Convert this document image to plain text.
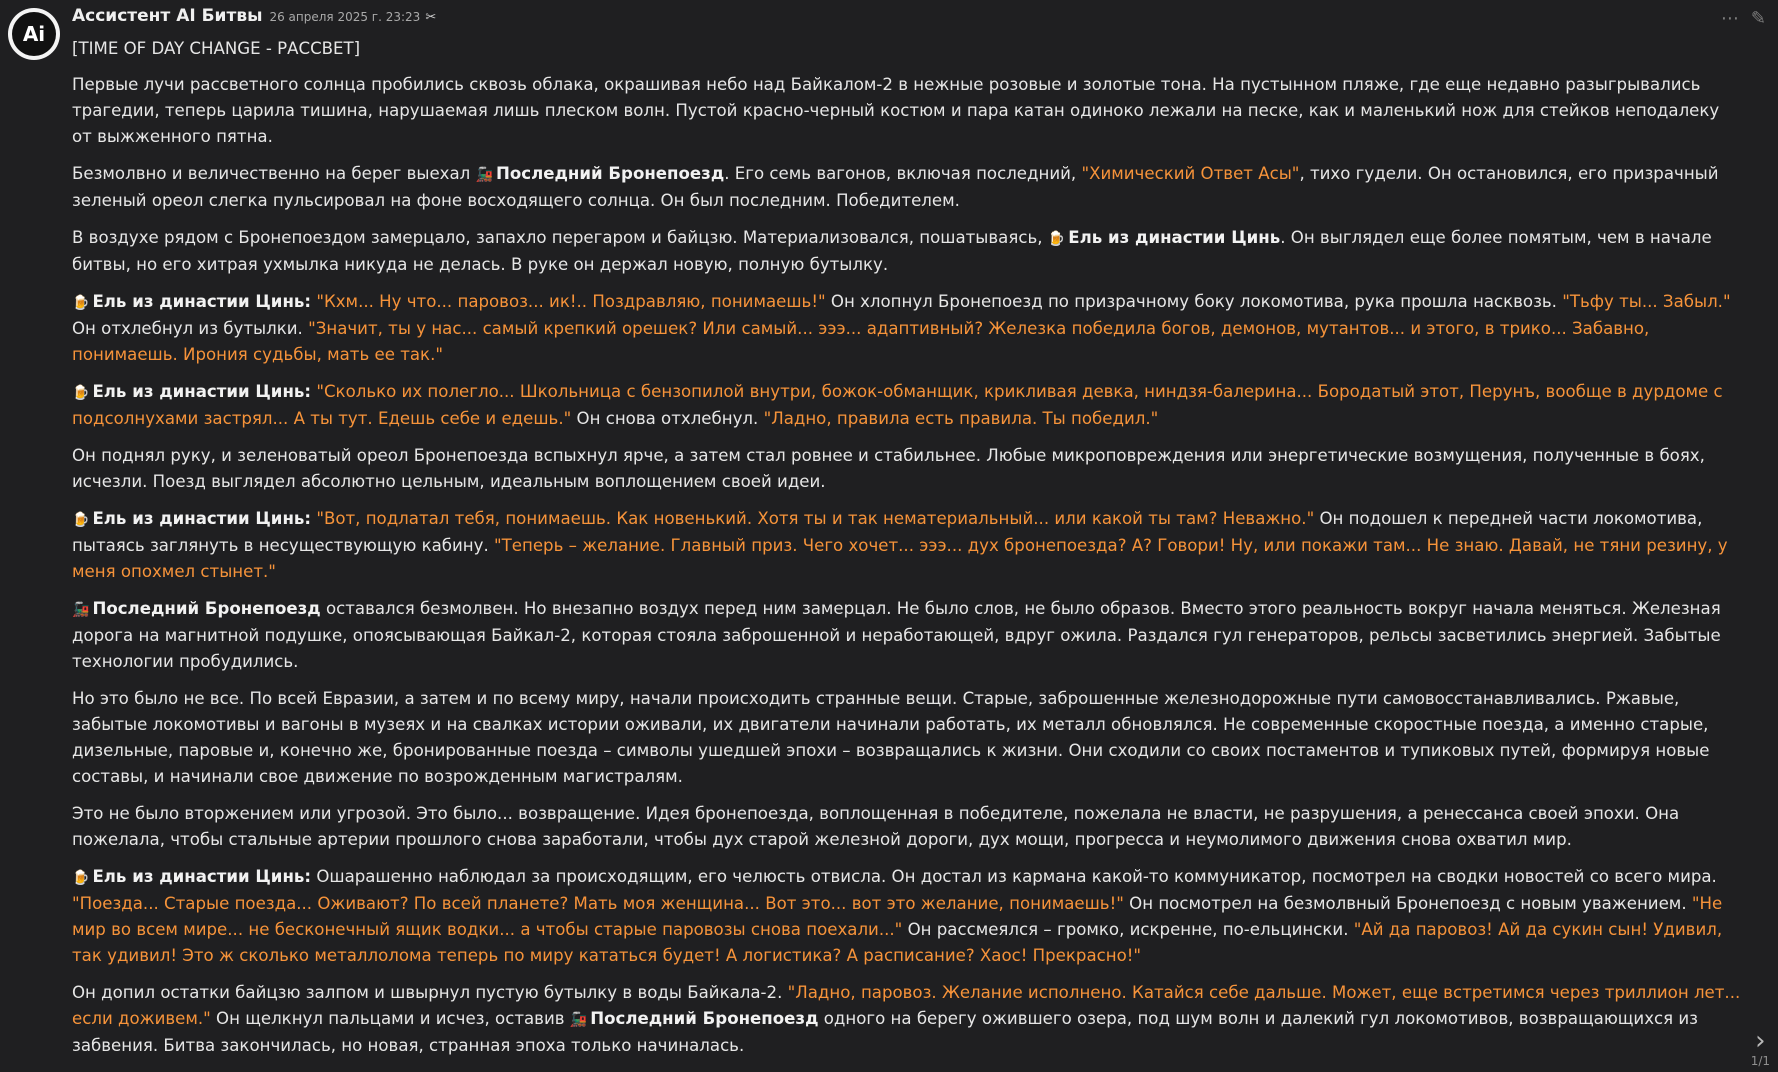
Ai
Ассистент AI Битвы 26 апреля 2025 г. 23:23 ✂

[TIME OF DAY CHANGE - РАССВЕТ]

Первые лучи рассветного солнца пробились сквозь облака, окрашивая небо над Байкалом-2 в нежные розовые и золотые тона. На пустынном пляже, где еще недавно разыгрывались трагедии, теперь царила тишина, нарушаемая лишь плеском волн. Пустой красно-черный костюм и пара катан одиноко лежали на песке, как и маленький нож для стейков неподалеку от выжженного пятна.

Безмолвно и величественно на берег выехал 🚂 Последний Бронепоезд. Его семь вагонов, включая последний, "Химический Ответ Асы", тихо гудели. Он остановился, его призрачный зеленый ореол слегка пульсировал на фоне восходящего солнца. Он был последним. Победителем.

В воздухе рядом с Бронепоездом замерцало, запахло перегаром и байцзю. Материализовался, пошатываясь, 🍺 Ель из династии Цинь. Он выглядел еще более помятым, чем в начале битвы, но его хитрая ухмылка никуда не делась. В руке он держал новую, полную бутылку.

🍺 Ель из династии Цинь: "Кхм... Ну что... паровоз... ик!.. Поздравляю, понимаешь!" Он хлопнул Бронепоезд по призрачному боку локомотива, рука прошла насквозь. "Тьфу ты... Забыл." Он отхлебнул из бутылки. "Значит, ты у нас... самый крепкий орешек? Или самый... эээ... адаптивный? Железка победила богов, демонов, мутантов... и этого, в трико... Забавно, понимаешь. Ирония судьбы, мать ее так."

🍺 Ель из династии Цинь: "Сколько их полегло... Школьница с бензопилой внутри, божок-обманщик, крикливая девка, ниндзя-балерина... Бородатый этот, Перунъ, вообще в дурдоме с подсолнухами застрял... А ты тут. Едешь себе и едешь." Он снова отхлебнул. "Ладно, правила есть правила. Ты победил."

Он поднял руку, и зеленоватый ореол Бронепоезда вспыхнул ярче, а затем стал ровнее и стабильнее. Любые микроповреждения или энергетические возмущения, полученные в боях, исчезли. Поезд выглядел абсолютно цельным, идеальным воплощением своей идеи.

🍺 Ель из династии Цинь: "Вот, подлатал тебя, понимаешь. Как новенький. Хотя ты и так нематериальный... или какой ты там? Неважно." Он подошел к передней части локомотива, пытаясь заглянуть в несуществующую кабину. "Теперь – желание. Главный приз. Чего хочет... эээ... дух бронепоезда? А? Говори! Ну, или покажи там... Не знаю. Давай, не тяни резину, у меня опохмел стынет."

🚂 Последний Бронепоезд оставался безмолвен. Но внезапно воздух перед ним замерцал. Не было слов, не было образов. Вместо этого реальность вокруг начала меняться. Железная дорога на магнитной подушке, опоясывающая Байкал-2, которая стояла заброшенной и неработающей, вдруг ожила. Раздался гул генераторов, рельсы засветились энергией. Забытые технологии пробудились.

Но это было не все. По всей Евразии, а затем и по всему миру, начали происходить странные вещи. Старые, заброшенные железнодорожные пути самовосстанавливались. Ржавые, забытые локомотивы и вагоны в музеях и на свалках истории оживали, их двигатели начинали работать, их металл обновлялся. Не современные скоростные поезда, а именно старые, дизельные, паровые и, конечно же, бронированные поезда – символы ушедшей эпохи – возвращались к жизни. Они сходили со своих постаментов и тупиковых путей, формируя новые составы, и начинали свое движение по возрожденным магистралям.

Это не было вторжением или угрозой. Это было... возвращение. Идея бронепоезда, воплощенная в победителе, пожелала не власти, не разрушения, а ренессанса своей эпохи. Она пожелала, чтобы стальные артерии прошлого снова заработали, чтобы дух старой железной дороги, дух мощи, прогресса и неумолимого движения снова охватил мир.

🍺 Ель из династии Цинь: Ошарашенно наблюдал за происходящим, его челюсть отвисла. Он достал из кармана какой-то коммуникатор, посмотрел на сводки новостей со всего мира. "Поезда... Старые поезда... Оживают? По всей планете? Мать моя женщина... Вот это... вот это желание, понимаешь!" Он посмотрел на безмолвный Бронепоезд с новым уважением. "Не мир во всем мире... не бесконечный ящик водки... а чтобы старые паровозы снова поехали..." Он рассмеялся – громко, искренне, по-ельцински. "Ай да паровоз! Ай да сукин сын! Удивил, так удивил! Это ж сколько металлолома теперь по миру кататься будет! А логистика? А расписание? Хаос! Прекрасно!"

Он допил остатки байцзю залпом и швырнул пустую бутылку в воды Байкала-2. "Ладно, паровоз. Желание исполнено. Катайся себе дальше. Может, еще встретимся через триллион лет... если доживем." Он щелкнул пальцами и исчез, оставив 🚂 Последний Бронепоезд одного на берегу ожившего озера, под шум волн и далекий гул локомотивов, возвращающихся из забвения. Битва закончилась, но новая, странная эпоха только начиналась.

⋯ ✎
›
1/1
